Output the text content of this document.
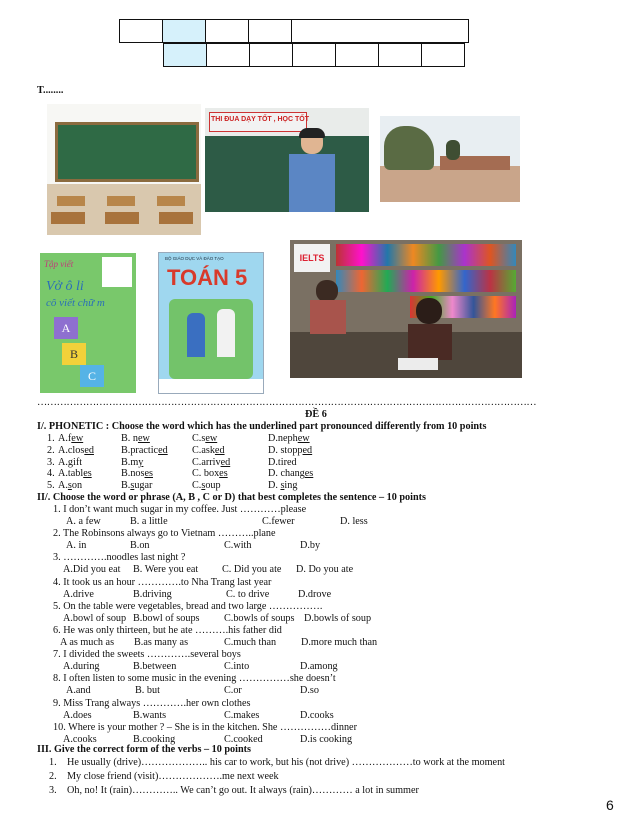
T........
THI ĐUA DẠY TỐT , HỌC TỐT
Tập viết
Vở ô li
cô viết chữ m
A
B
C
BỘ GIÁO DỤC VÀ ĐÀO TẠO
TOÁN 5
IELTS
………………………………………………………………………………………………………………………………………
ĐỀ 6
I/. PHONETIC : Choose the word which has the underlined part pronounced differently from 10 points
1. A.few	B. new	C.sew	D.nephew
2. A.closed	B.practiced C.asked	D. stopped
3. A.gift	B.my	C.arrived	D.tired
4. A.tables	B.noses	C. boxes	D. changes
5. A.son	B.sugar	C.soup	D. sing
II/. Choose the word or phrase (A, B , C or D) that best completes the sentence – 10 points
1. I don’t want much sugar in my coffee. Just …………please
A. a few	B. a little	C.fewer	D. less
2. The Robinsons always go to Vietnam ………..plane
A. in	B.on	C.with	D.by
3. ………….noodles last night ?
A.Did you eat B. Were you eat C. Did you ate D. Do you ate
4. It took us an hour ………….to Nha Trang last year
A.drive	B.driving	C. to drive	D.drove
5. On the table were vegetables, bread and two large …………….
A.bowl of soup B.bowl of soups C.bowls of soups D.bowls of soup
6. He was only thirteen, but he ate ……….his father did
A as much as B.as many as	C.much than D.more much than
7. I divided the sweets ………….several boys
A.during	B.between	C.into	D.among
8. I often listen to some music in the evening ……………she doesn’t
A.and	B. but	C.or	D.so
9. Miss Trang always ………….her own clothes
A.does	B.wants	C.makes	D.cooks
10. Where is your mother ? – She is in the kitchen. She ……………dinner
A.cooks	B.cooking	C.cooked	D.is cooking
III. Give the correct form of the verbs – 10 points
1. He usually (drive)……………….. his car to work, but his (not drive) ………………to work at the moment
2. My close friend (visit)……………….me next week
3. Oh, no! It (rain)………….. We can’t go out. It always (rain)………… a lot in summer
6
